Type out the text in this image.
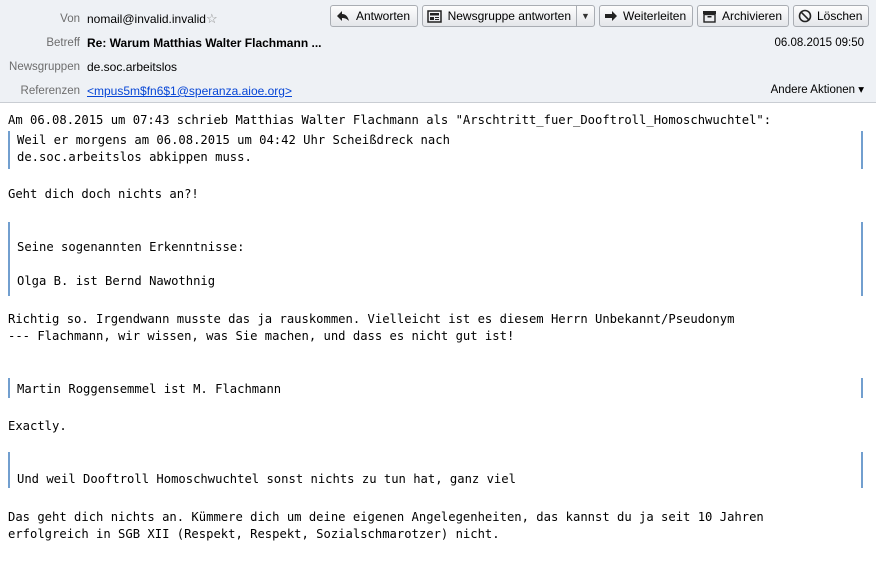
Von nomail@invalid.invalid ☆
Betreff Re: Warum Matthias Walter Flachmann ...
Newsgruppen de.soc.arbeitslos
Referenzen <mpus5m$fn6$1@speranza.aioe.org>
06.08.2015 09:50
Andere Aktionen ▾
Antworten	Newsgruppe antworten ▼	Weiterleiten	Archivieren	Löschen
Am 06.08.2015 um 07:43 schrieb Matthias Walter Flachmann als "Arschtritt_fuer_Dooftroll_Homoschwuchtel":
Weil er morgens am 06.08.2015 um 04:42 Uhr Scheißdreck nach
de.soc.arbeitslos abkippen muss.
Geht dich doch nichts an?!
Seine sogenannten Erkenntnisse:
Olga B. ist Bernd Nawothnig
Richtig so. Irgendwann musste das ja rauskommen. Vielleicht ist es diesem Herrn Unbekannt/Pseudonym
--- Flachmann, wir wissen, was Sie machen, und dass es nicht gut ist!
Martin Roggensemmel ist M. Flachmann
Exactly.
Und weil Dooftroll Homoschwuchtel sonst nichts zu tun hat, ganz viel
Das geht dich nichts an. Kümmere dich um deine eigenen Angelegenheiten, das kannst du ja seit 10 Jahren
erfolgreich in SGB XII (Respekt, Respekt, Sozialschmarotzer) nicht.
